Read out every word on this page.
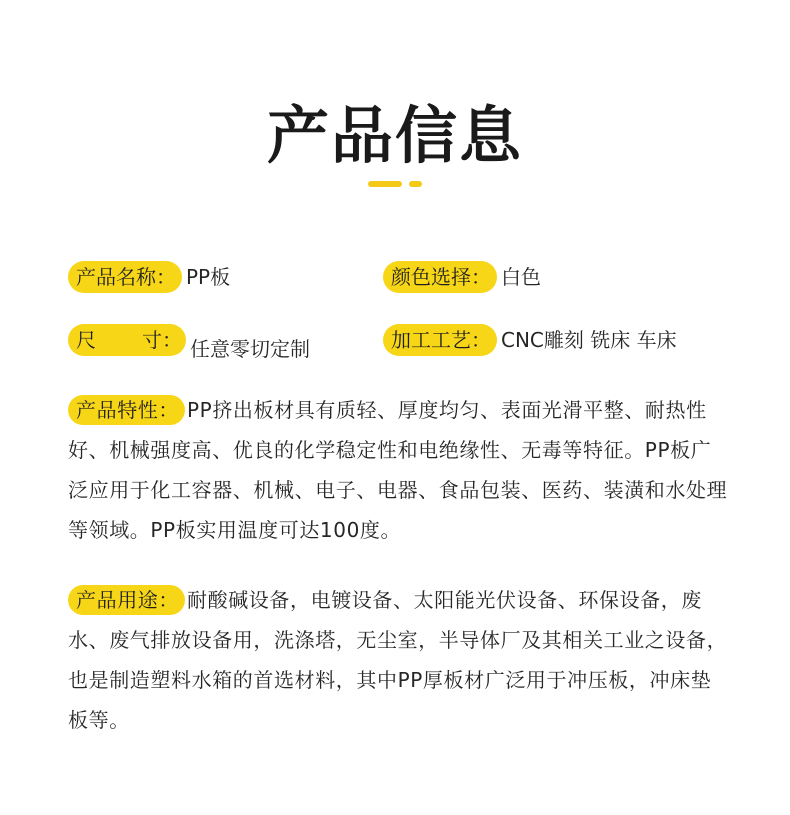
产品信息
产品名称： PP板	颜色选择： 白色
尺 寸： 任意零切定制	加工工艺： CNC雕刻 铣床 车床
产品特性： PP挤出板材具有质轻、厚度均匀、表面光滑平整、耐热性好、机械强度高、优良的化学稳定性和电绝缘性、无毒等特征。PP板广泛应用于化工容器、机械、电子、电器、食品包装、医药、装潢和水处理等领域。PP板实用温度可达100度。
产品用途： 耐酸碱设备，电镀设备、太阳能光伏设备、环保设备，废水、废气排放设备用，洗涤塔，无尘室，半导体厂及其相关工业之设备，也是制造塑料水箱的首选材料，其中PP厚板材广泛用于冲压板，冲床垫板等。
